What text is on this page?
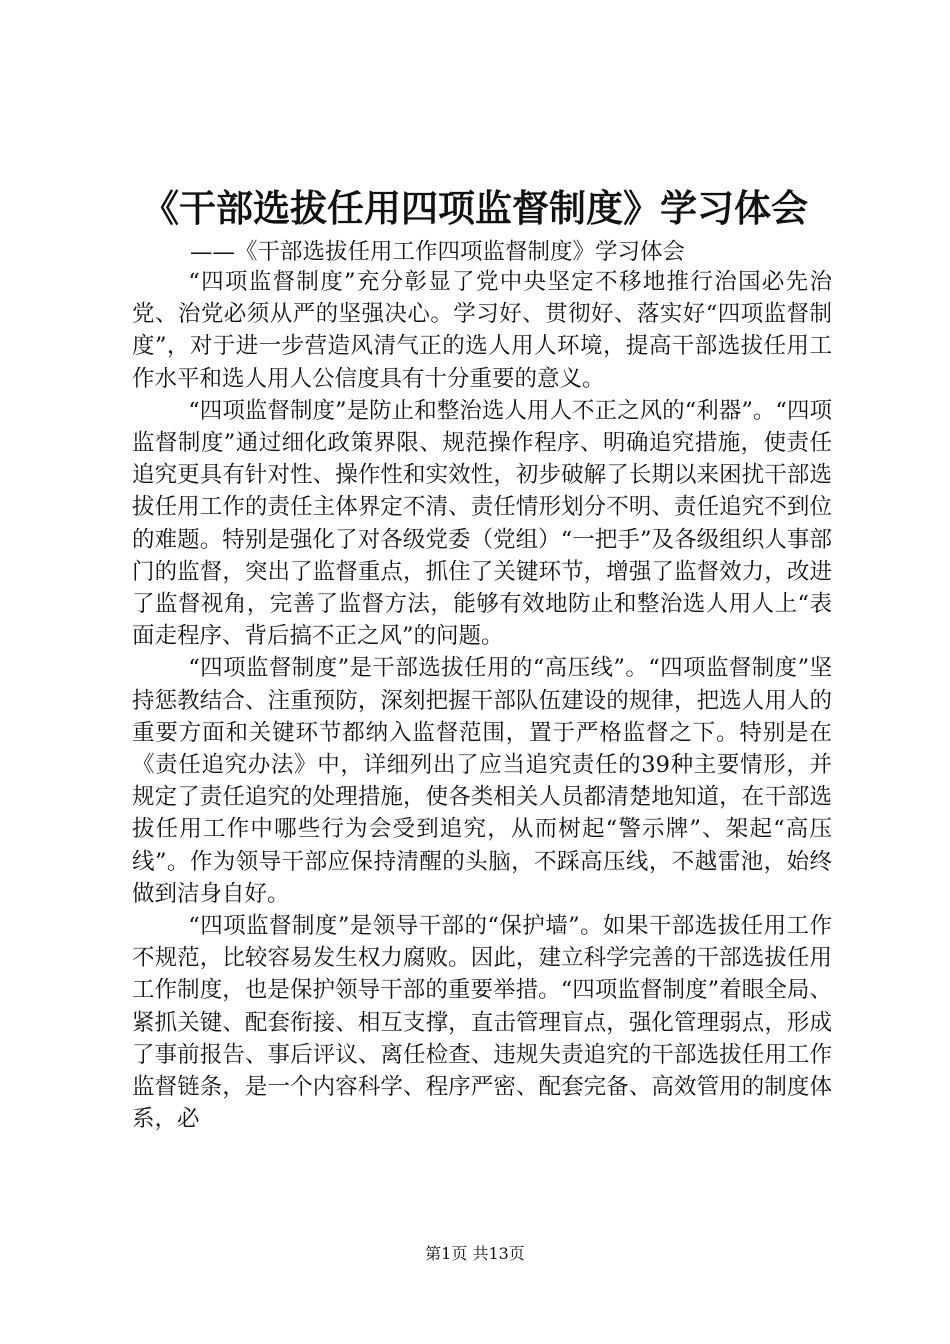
《干部选拔任用四项监督制度》学习体会
——《干部选拔任用工作四项监督制度》学习体会

“四项监督制度”充分彰显了党中央坚定不移地推行治国必先治党、治党必须从严的坚强决心。学习好、贯彻好、落实好“四项监督制度”，对于进一步营造风清气正的选人用人环境，提高干部选拔任用工作水平和选人用人公信度具有十分重要的意义。

“四项监督制度”是防止和整治选人用人不正之风的“利器”。“四项监督制度”通过细化政策界限、规范操作程序、明确追究措施，使责任追究更具有针对性、操作性和实效性，初步破解了长期以来困扰干部选拔任用工作的责任主体界定不清、责任情形划分不明、责任追究不到位的难题。特别是强化了对各级党委（党组）“一把手”及各级组织人事部门的监督，突出了监督重点，抓住了关键环节，增强了监督效力，改进了监督视角，完善了监督方法，能够有效地防止和整治选人用人上“表面走程序、背后搞不正之风”的问题。

“四项监督制度”是干部选拔任用的“高压线”。“四项监督制度”坚持惩教结合、注重预防，深刻把握干部队伍建设的规律，把选人用人的重要方面和关键环节都纳入监督范围，置于严格监督之下。特别是在《责任追究办法》中，详细列出了应当追究责任的39种主要情形，并规定了责任追究的处理措施，使各类相关人员都清楚地知道，在干部选拔任用工作中哪些行为会受到追究，从而树起“警示牌”、架起“高压线”。作为领导干部应保持清醒的头脑，不踩高压线，不越雷池，始终做到洁身自好。

“四项监督制度”是领导干部的“保护墙”。如果干部选拔任用工作不规范，比较容易发生权力腐败。因此，建立科学完善的干部选拔任用工作制度，也是保护领导干部的重要举措。“四项监督制度”着眼全局、紧抓关键、配套衔接、相互支撑，直击管理盲点，强化管理弱点，形成了事前报告、事后评议、离任检查、违规失责追究的干部选拔任用工作监督链条，是一个内容科学、程序严密、配套完备、高效管用的制度体系，必

第1页 共13页
